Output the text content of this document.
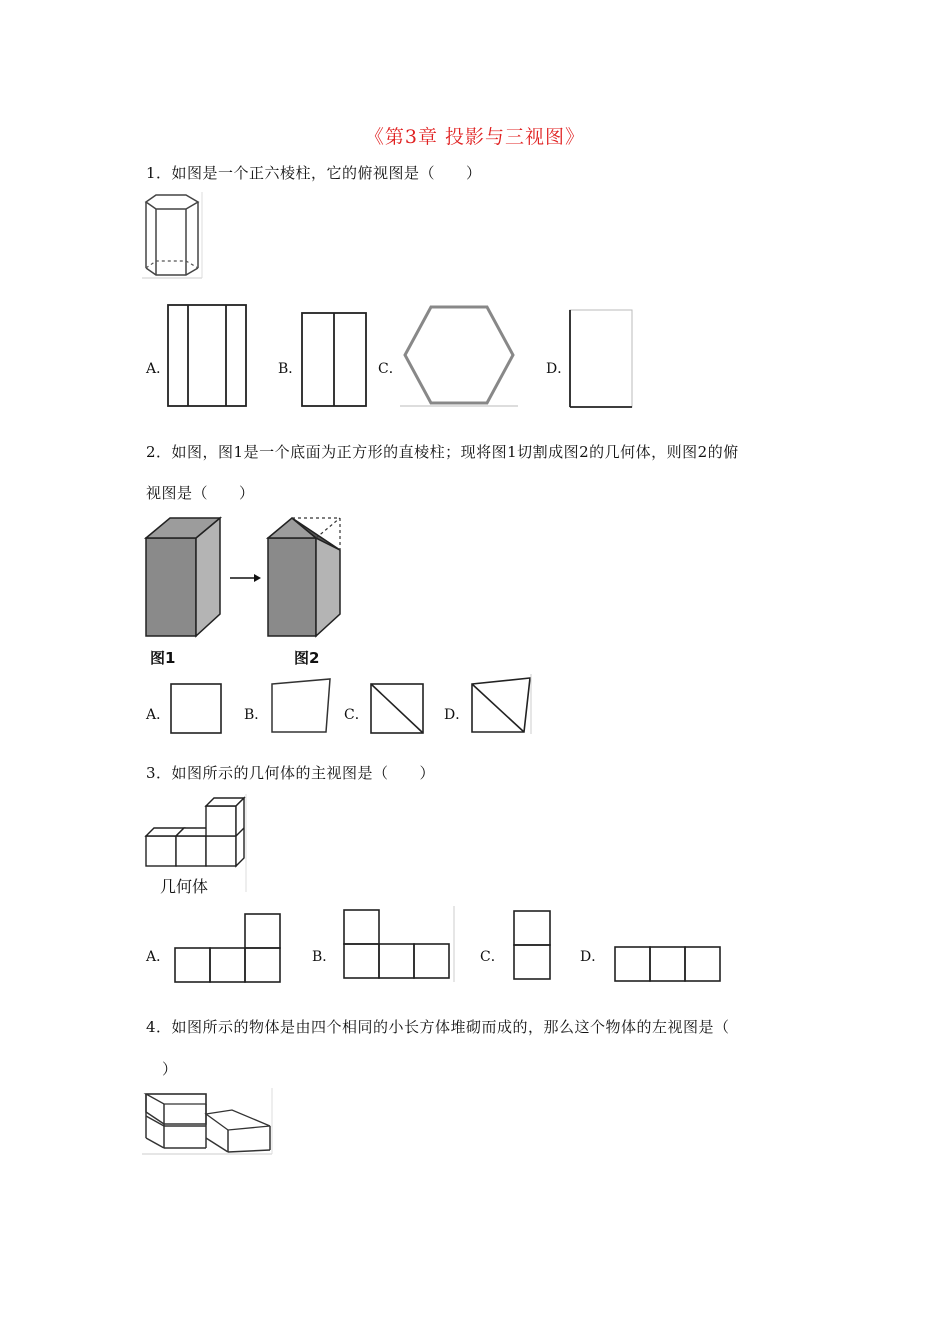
《第3章 投影与三视图》
1．如图是一个正六棱柱，它的俯视图是（　　）
A．	B．	C．	D．
2．如图，图1是一个底面为正方形的直棱柱；现将图1切割成图2的几何体，则图2的俯
视图是（　　）
图1	图2
A．	B．	C．	D．
3．如图所示的几何体的主视图是（　　）
几何体
A．	B．	C．	D．
4．如图所示的物体是由四个相同的小长方体堆砌而成的，那么这个物体的左视图是（
）
